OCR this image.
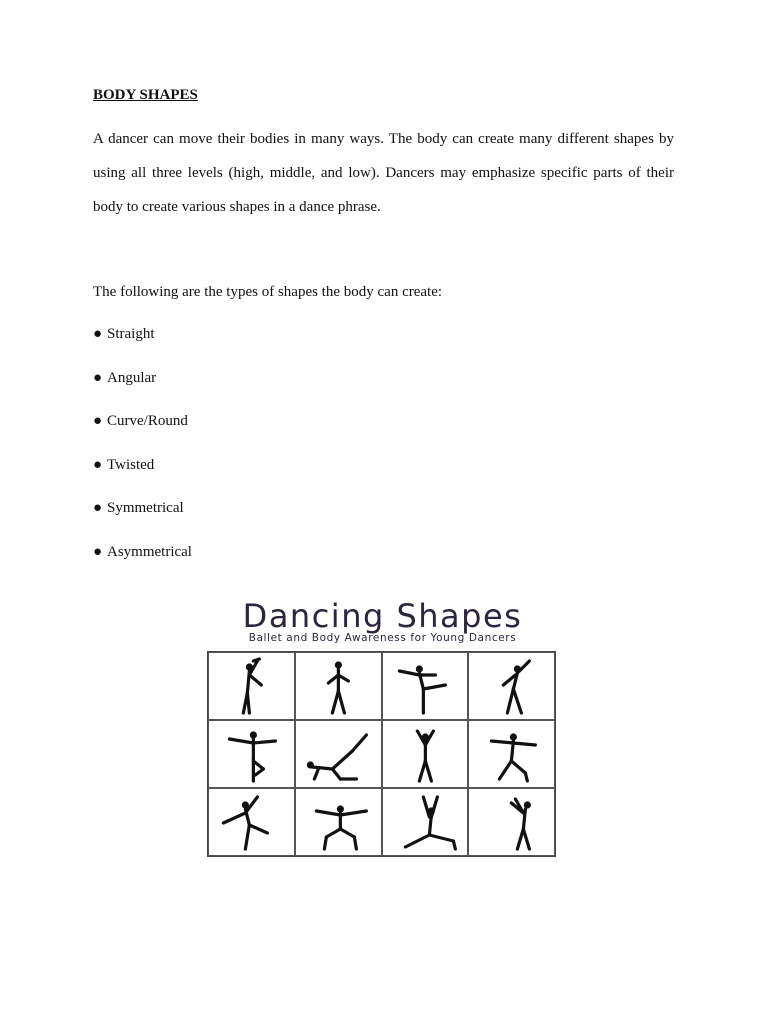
BODY SHAPES

A dancer can move their bodies in many ways. The body can create many different shapes by using all three levels (high, middle, and low). Dancers may emphasize specific parts of their body to create various shapes in a dance phrase.

The following are the types of shapes the body can create:
● Straight
● Angular
● Curve/Round
● Twisted
● Symmetrical
● Asymmetrical
Dancing Shapes
Ballet and Body Awareness for Young Dancers
